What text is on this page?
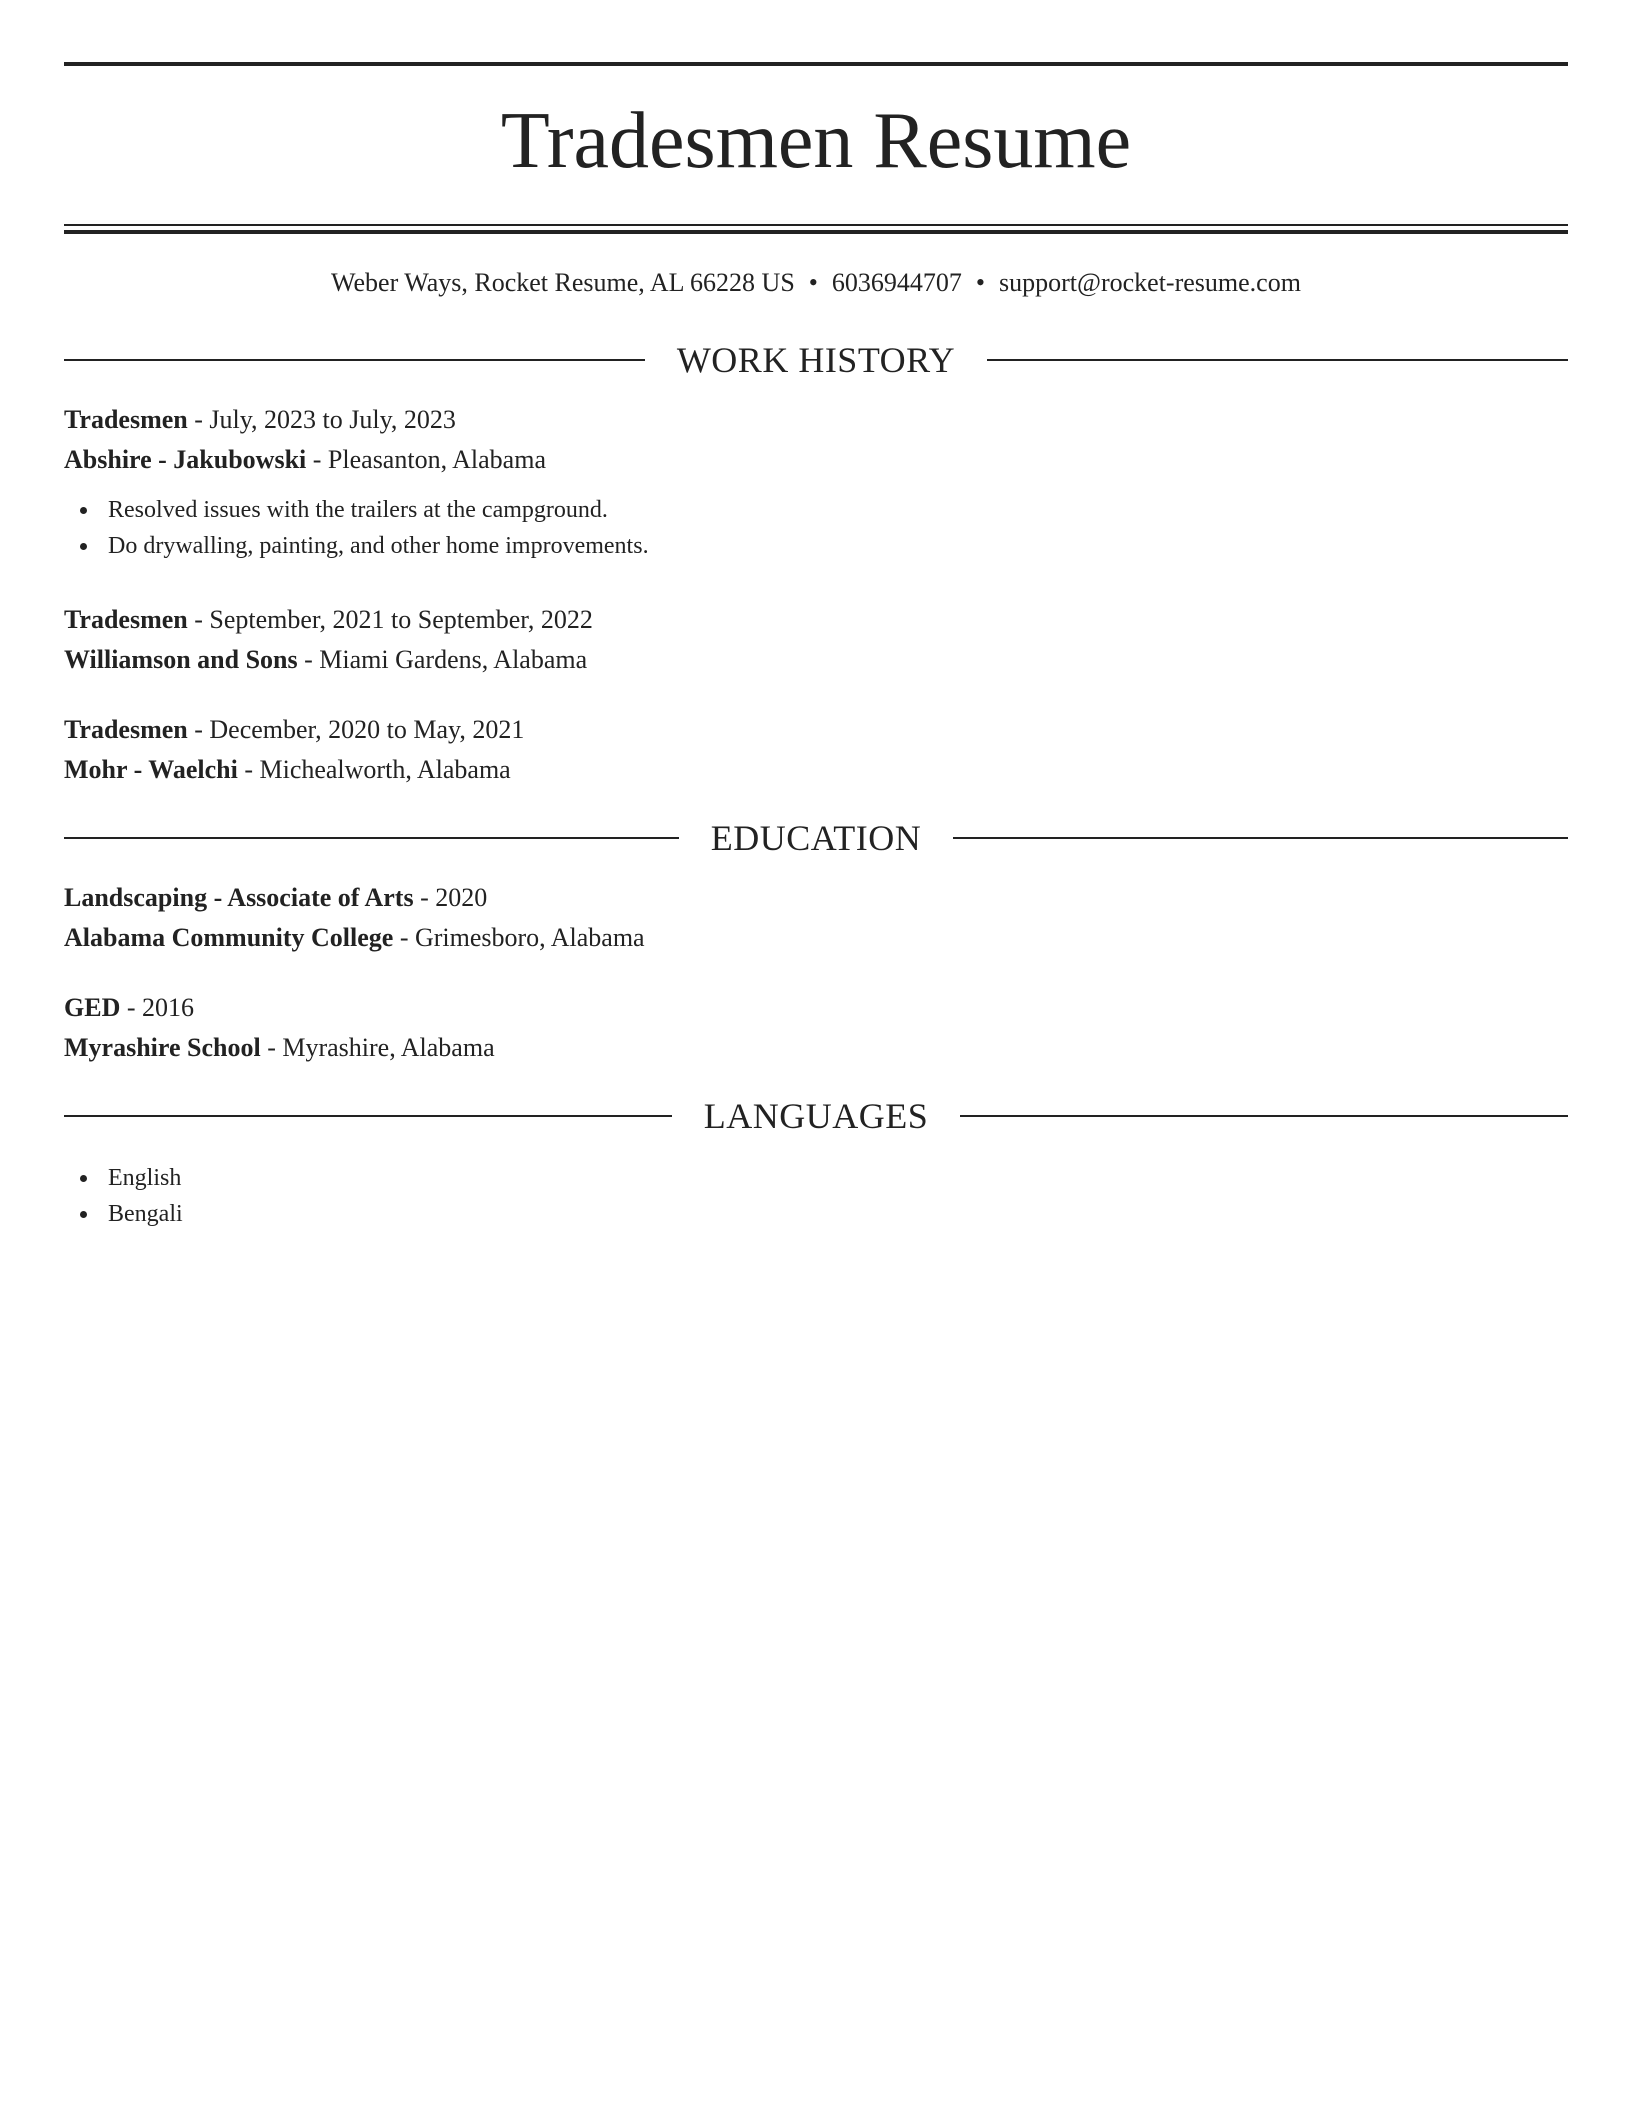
Tradesmen Resume
Weber Ways, Rocket Resume, AL 66228 US • 6036944707 • support@rocket-resume.com
WORK HISTORY
Tradesmen - July, 2023 to July, 2023
Abshire - Jakubowski - Pleasanton, Alabama
Resolved issues with the trailers at the campground.
Do drywalling, painting, and other home improvements.
Tradesmen - September, 2021 to September, 2022
Williamson and Sons - Miami Gardens, Alabama
Tradesmen - December, 2020 to May, 2021
Mohr - Waelchi - Michealworth, Alabama
EDUCATION
Landscaping - Associate of Arts - 2020
Alabama Community College - Grimesboro, Alabama
GED - 2016
Myrashire School - Myrashire, Alabama
LANGUAGES
English
Bengali
